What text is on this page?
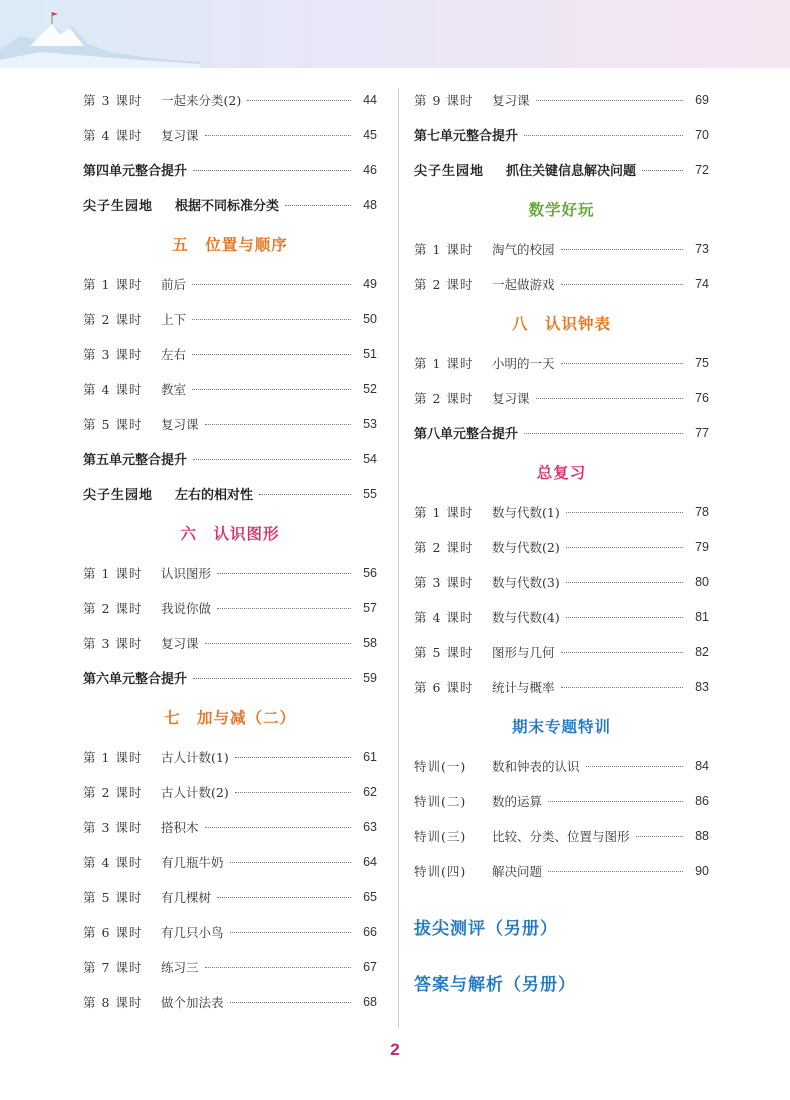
第 3 课时	一起来分类(2)	44
第 4 课时	复习课	45
第四单元整合提升	46
尖子生园地	根据不同标准分类	48
五　位置与顺序
第 1 课时	前后	49
第 2 课时	上下	50
第 3 课时	左右	51
第 4 课时	教室	52
第 5 课时	复习课	53
第五单元整合提升	54
尖子生园地	左右的相对性	55
六　认识图形
第 1 课时	认识图形	56
第 2 课时	我说你做	57
第 3 课时	复习课	58
第六单元整合提升	59
七　加与减（二）
第 1 课时	古人计数(1)	61
第 2 课时	古人计数(2)	62
第 3 课时	搭积木	63
第 4 课时	有几瓶牛奶	64
第 5 课时	有几棵树	65
第 6 课时	有几只小鸟	66
第 7 课时	练习三	67
第 8 课时	做个加法表	68
第 9 课时	复习课	69
第七单元整合提升	70
尖子生园地	抓住关键信息解决问题	72
数学好玩
第 1 课时	淘气的校园	73
第 2 课时	一起做游戏	74
八　认识钟表
第 1 课时	小明的一天	75
第 2 课时	复习课	76
第八单元整合提升	77
总复习
第 1 课时	数与代数(1)	78
第 2 课时	数与代数(2)	79
第 3 课时	数与代数(3)	80
第 4 课时	数与代数(4)	81
第 5 课时	图形与几何	82
第 6 课时	统计与概率	83
期末专题特训
特训(一)	数和钟表的认识	84
特训(二)	数的运算	86
特训(三)	比较、分类、位置与图形	88
特训(四)	解决问题	90
拔尖测评（另册）
答案与解析（另册）
2
